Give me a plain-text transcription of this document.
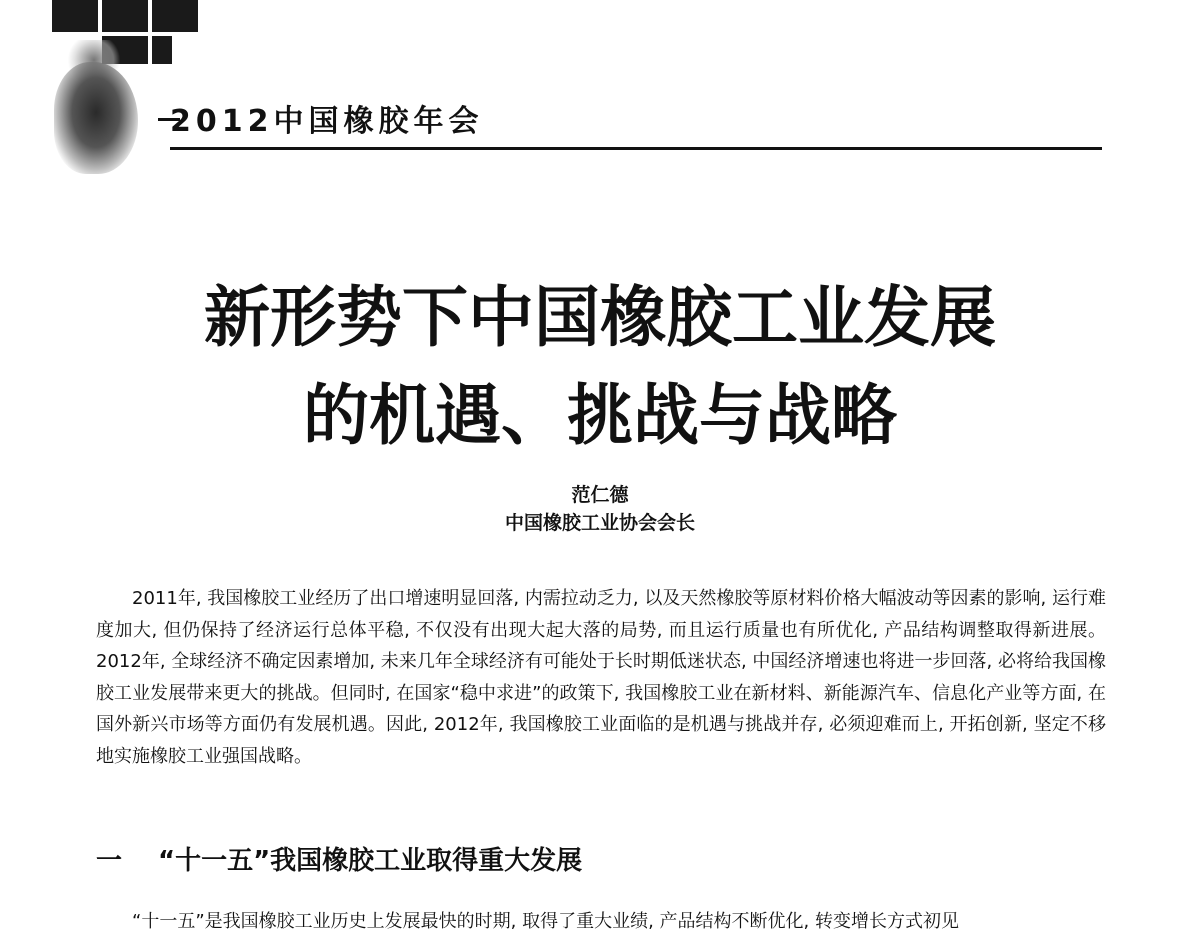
2012中国橡胶年会
新形势下中国橡胶工业发展
的机遇、挑战与战略
范仁德
中国橡胶工业协会会长

2011年, 我国橡胶工业经历了出口增速明显回落, 内需拉动乏力, 以及天然橡胶等原材料价格大幅波动等因素的影响, 运行难度加大, 但仍保持了经济运行总体平稳, 不仅没有出现大起大落的局势, 而且运行质量也有所优化, 产品结构调整取得新进展。2012年, 全球经济不确定因素增加, 未来几年全球经济有可能处于长时期低迷状态, 中国经济增速也将进一步回落, 必将给我国橡胶工业发展带来更大的挑战。但同时, 在国家“稳中求进”的政策下, 我国橡胶工业在新材料、新能源汽车、信息化产业等方面, 在国外新兴市场等方面仍有发展机遇。因此, 2012年, 我国橡胶工业面临的是机遇与挑战并存, 必须迎难而上, 开拓创新, 坚定不移地实施橡胶工业强国战略。

一 “十一五”我国橡胶工业取得重大发展

“十一五”是我国橡胶工业历史上发展最快的时期, 取得了重大业绩, 产品结构不断优化, 转变增长方式初见
